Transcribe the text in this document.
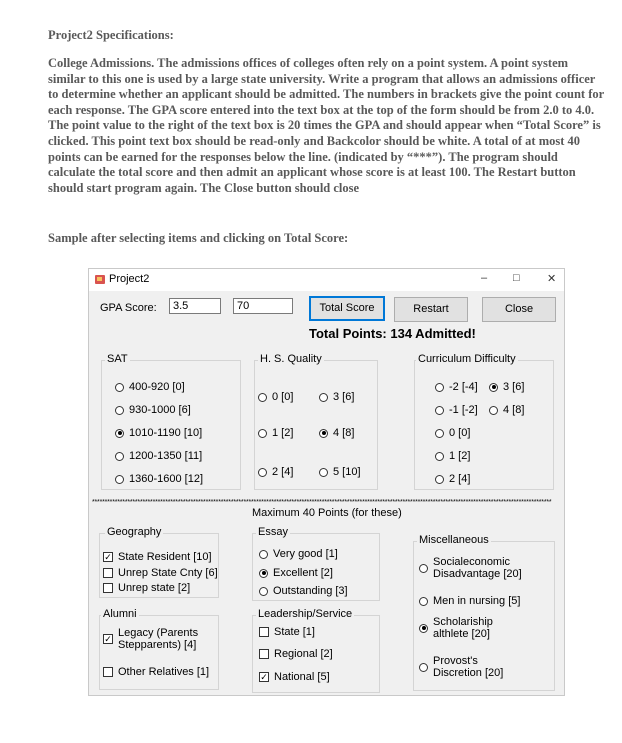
Project2 Specifications:
College Admissions. The admissions offices of colleges often rely on a point system. A point system similar to this one is used by a large state university. Write a program that allows an admissions officer to determine whether an applicant should be admitted. The numbers in brackets give the point count for each response. The GPA score entered into the text box at the top of the form should be from 2.0 to 4.0. The point value to the right of the text box is 20 times the GPA and should appear when “Total Score” is clicked. This point text box should be read-only and Backcolor should be white. A total of at most 40 points can be earned for the responses below the line. (indicated by “***”). The program should calculate the total score and then admit an applicant whose score is at least 100. The Restart button should start program again. The Close button should close
Sample after selecting items and clicking on Total Score:
Project2	– □ ✕
GPA Score:	3.5	70	Total Score	Restart	Close
Total Points: 134 Admitted!
SAT
400-920 [0]
930-1000 [6]
1010-1190 [10]
1200-1350 [11]
1360-1600 [12]
H. S. Quality
0 [0]	3 [6]
1 [2]	4 [8]
2 [4]	5 [10]
Curriculum Difficulty
-2 [-4] 3 [6]
-1 [-2] 4 [8]
0 [0]
1 [2]
2 [4]
**************************************************************************************************************************************************************************************
Maximum 40 Points (for these)
Geography
✓ State Resident [10]
Unrep State Cnty [6]
Unrep state [2]
Essay
Very good [1]
Excellent [2]
Outstanding [3]
Alumni
✓ Legacy (Parents
Stepparents) [4]
Other Relatives [1]
Leadership/Service
State [1]
Regional [2]
✓ National [5]
Miscellaneous
Socialeconomic
Disadvantage [20]
Men in nursing [5]
Scholariship
althlete [20]
Provost's
Discretion [20]
